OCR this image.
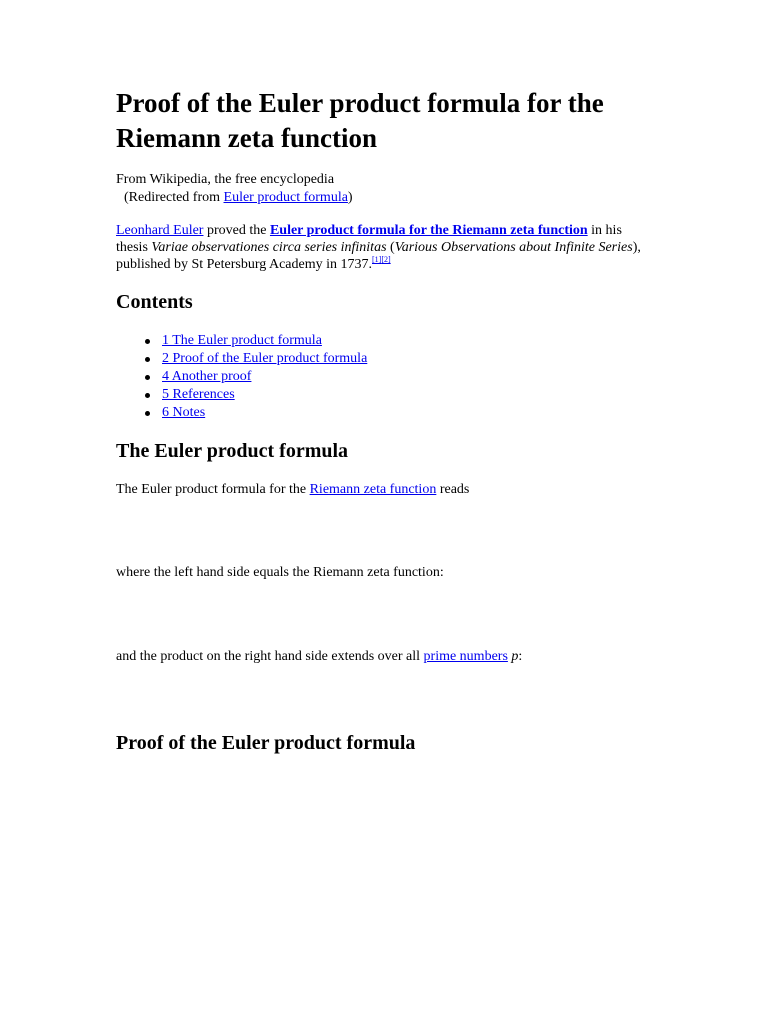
Proof of the Euler product formula for the Riemann zeta function
From Wikipedia, the free encyclopedia
(Redirected from Euler product formula)
Leonhard Euler proved the Euler product formula for the Riemann zeta function in his thesis Variae observationes circa series infinitas (Various Observations about Infinite Series), published by St Petersburg Academy in 1737.[1][2]
Contents
1 The Euler product formula
2 Proof of the Euler product formula
4 Another proof
5 References
6 Notes
The Euler product formula
The Euler product formula for the Riemann zeta function reads
where the left hand side equals the Riemann zeta function:
and the product on the right hand side extends over all prime numbers p:
Proof of the Euler product formula
